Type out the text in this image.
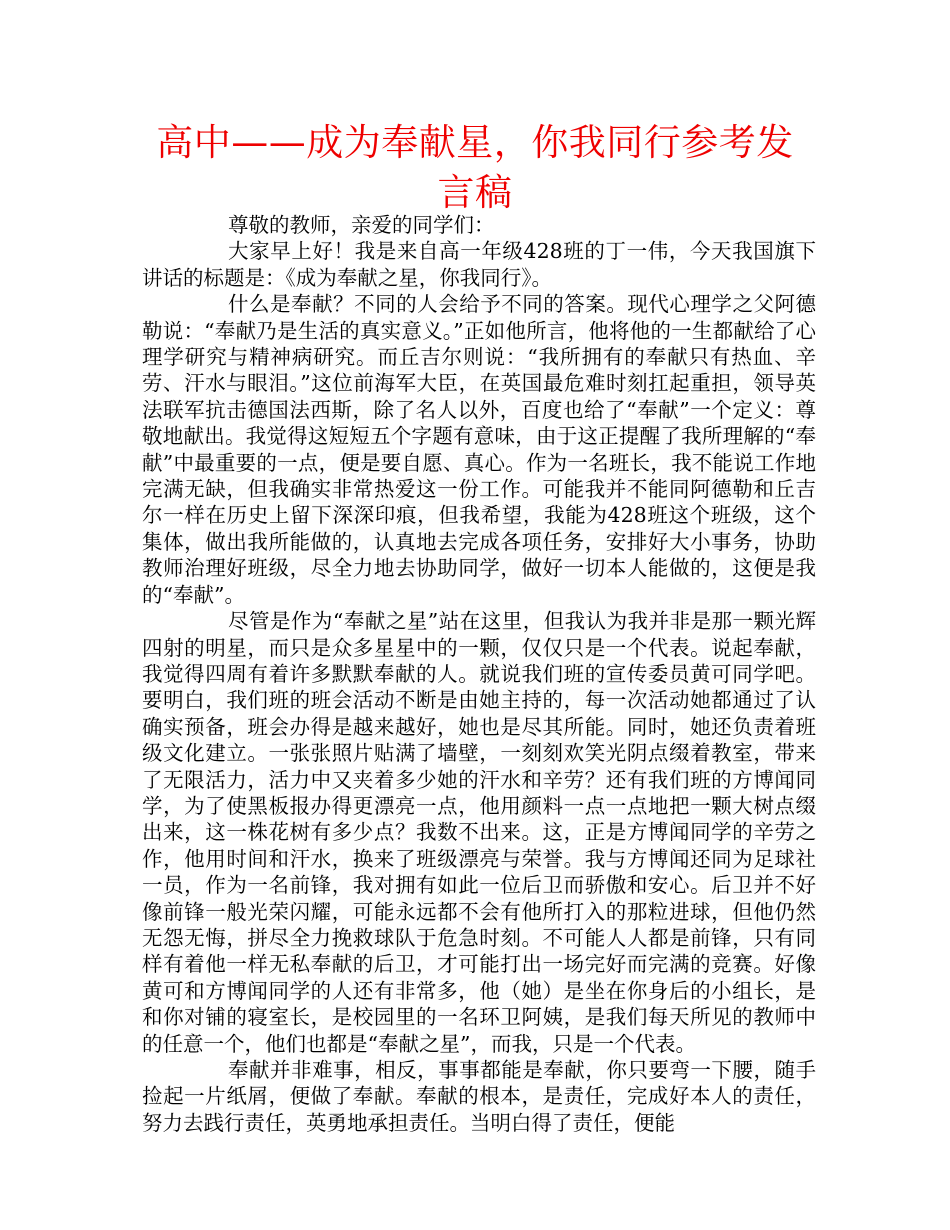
高中——成为奉献星，你我同行参考发言稿

尊敬的教师，亲爱的同学们：

大家早上好！我是来自高一年级428班的丁一伟，今天我国旗下讲话的标题是：《成为奉献之星，你我同行》。

什么是奉献？不同的人会给予不同的答案。现代心理学之父阿德勒说：“奉献乃是生活的真实意义。”正如他所言，他将他的一生都献给了心理学研究与精神病研究。而丘吉尔则说：“我所拥有的奉献只有热血、辛劳、汗水与眼泪。”这位前海军大臣，在英国最危难时刻扛起重担，领导英法联军抗击德国法西斯，除了名人以外，百度也给了“奉献”一个定义：尊敬地献出。我觉得这短短五个字题有意味，由于这正提醒了我所理解的“奉献”中最重要的一点，便是要自愿、真心。作为一名班长，我不能说工作地完满无缺，但我确实非常热爱这一份工作。可能我并不能同阿德勒和丘吉尔一样在历史上留下深深印痕，但我希望，我能为428班这个班级，这个集体，做出我所能做的，认真地去完成各项任务，安排好大小事务，协助教师治理好班级，尽全力地去协助同学，做好一切本人能做的，这便是我的“奉献”。

尽管是作为“奉献之星”站在这里，但我认为我并非是那一颗光辉四射的明星，而只是众多星星中的一颗，仅仅只是一个代表。说起奉献，我觉得四周有着许多默默奉献的人。就说我们班的宣传委员黄可同学吧。要明白，我们班的班会活动不断是由她主持的，每一次活动她都通过了认确实预备，班会办得是越来越好，她也是尽其所能。同时，她还负责着班级文化建立。一张张照片贴满了墙壁，一刻刻欢笑光阴点缀着教室，带来了无限活力，活力中又夹着多少她的汗水和辛劳？还有我们班的方博闻同学，为了使黑板报办得更漂亮一点，他用颜料一点一点地把一颗大树点缀出来，这一株花树有多少点？我数不出来。这，正是方博闻同学的辛劳之作，他用时间和汗水，换来了班级漂亮与荣誉。我与方博闻还同为足球社一员，作为一名前锋，我对拥有如此一位后卫而骄傲和安心。后卫并不好像前锋一般光荣闪耀，可能永远都不会有他所打入的那粒进球，但他仍然无怨无悔，拼尽全力挽救球队于危急时刻。不可能人人都是前锋，只有同样有着他一样无私奉献的后卫，才可能打出一场完好而完满的竞赛。好像黄可和方博闻同学的人还有非常多，他（她）是坐在你身后的小组长，是和你对铺的寝室长，是校园里的一名环卫阿姨，是我们每天所见的教师中的任意一个，他们也都是“奉献之星”，而我，只是一个代表。

奉献并非难事，相反，事事都能是奉献，你只要弯一下腰，随手捡起一片纸屑，便做了奉献。奉献的根本，是责任，完成好本人的责任，努力去践行责任，英勇地承担责任。当明白得了责任，便能
